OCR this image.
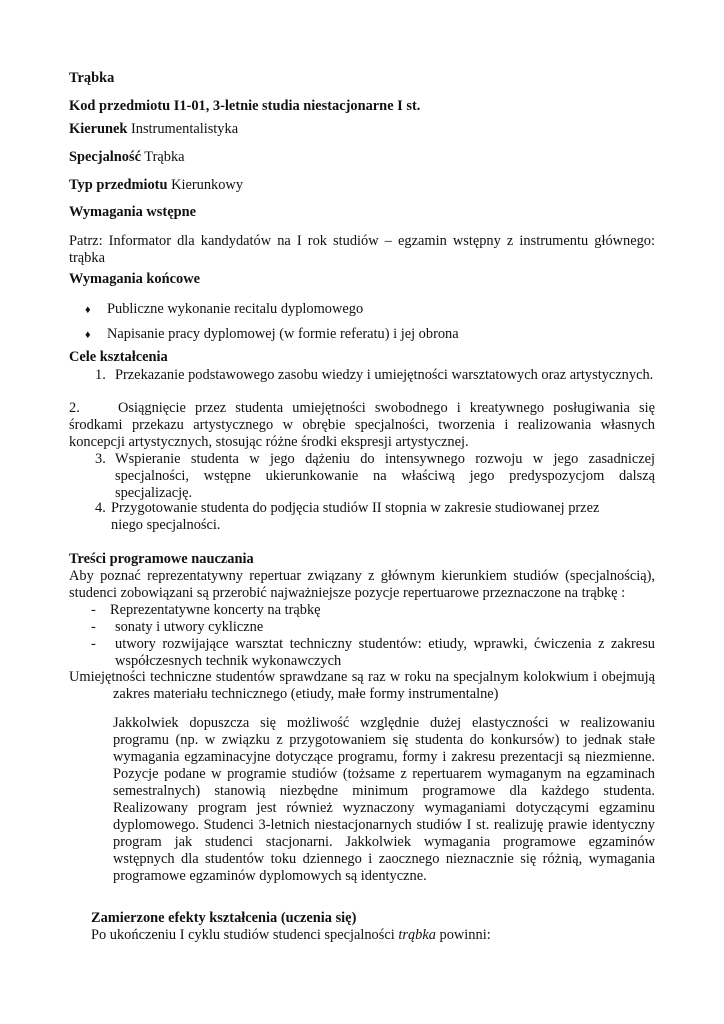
Trąbka

Kod przedmiotu I1-01, 3-letnie studia niestacjonarne I st.

Kierunek Instrumentalistyka

Specjalność Trąbka

Typ przedmiotu Kierunkowy

Wymagania wstępne

Patrz: Informator dla kandydatów na I rok studiów – egzamin wstępny z instrumentu głównego: trąbka

Wymagania końcowe

♦ Publiczne wykonanie recitalu dyplomowego

♦ Napisanie pracy dyplomowej (w formie referatu) i jej obrona

Cele kształcenia

1. Przekazanie podstawowego zasobu wiedzy i umiejętności warsztatowych oraz artystycznych.

2.	Osiągnięcie przez studenta umiejętności swobodnego i kreatywnego posługiwania się środkami przekazu artystycznego w obrębie specjalności, tworzenia i realizowania własnych koncepcji artystycznych, stosując różne środki ekspresji artystycznej.

3. Wspieranie studenta w jego dążeniu do intensywnego rozwoju w jego zasadniczej specjalności, wstępne ukierunkowanie na właściwą jego predyspozycjom dalszą specjalizację.

4. Przygotowanie studenta do podjęcia studiów II stopnia w zakresie studiowanej przez niego specjalności.

Treści programowe nauczania

Aby poznać reprezentatywny repertuar związany z głównym kierunkiem studiów (specjalnością), studenci zobowiązani są przerobić najważniejsze pozycje repertuarowe przeznaczone na trąbkę :

- Reprezentatywne koncerty na trąbkę

-	sonaty i utwory cykliczne

-	utwory rozwijające warsztat techniczny studentów: etiudy, wprawki, ćwiczenia z zakresu współczesnych technik wykonawczych

Umiejętności techniczne studentów sprawdzane są raz w roku na specjalnym kolokwium i obejmują zakres materiału technicznego (etiudy, małe formy instrumentalne)

Jakkolwiek dopuszcza się możliwość względnie dużej elastyczności w realizowaniu programu (np. w związku z przygotowaniem się studenta do konkursów) to jednak stałe wymagania egzaminacyjne dotyczące programu, formy i zakresu prezentacji są niezmienne. Pozycje podane w programie studiów (tożsame z repertuarem wymaganym na egzaminach semestralnych) stanowią niezbędne minimum programowe dla każdego studenta. Realizowany program jest również wyznaczony wymaganiami dotyczącymi egzaminu dyplomowego. Studenci 3-letnich niestacjonarnych studiów I st. realizuję prawie identyczny program jak studenci stacjonarni. Jakkolwiek wymagania programowe egzaminów wstępnych dla studentów toku dziennego i zaocznego nieznacznie się różnią, wymagania programowe egzaminów dyplomowych są identyczne.

Zamierzone efekty kształcenia (uczenia się)

Po ukończeniu I cyklu studiów studenci specjalności trąbka powinni:
